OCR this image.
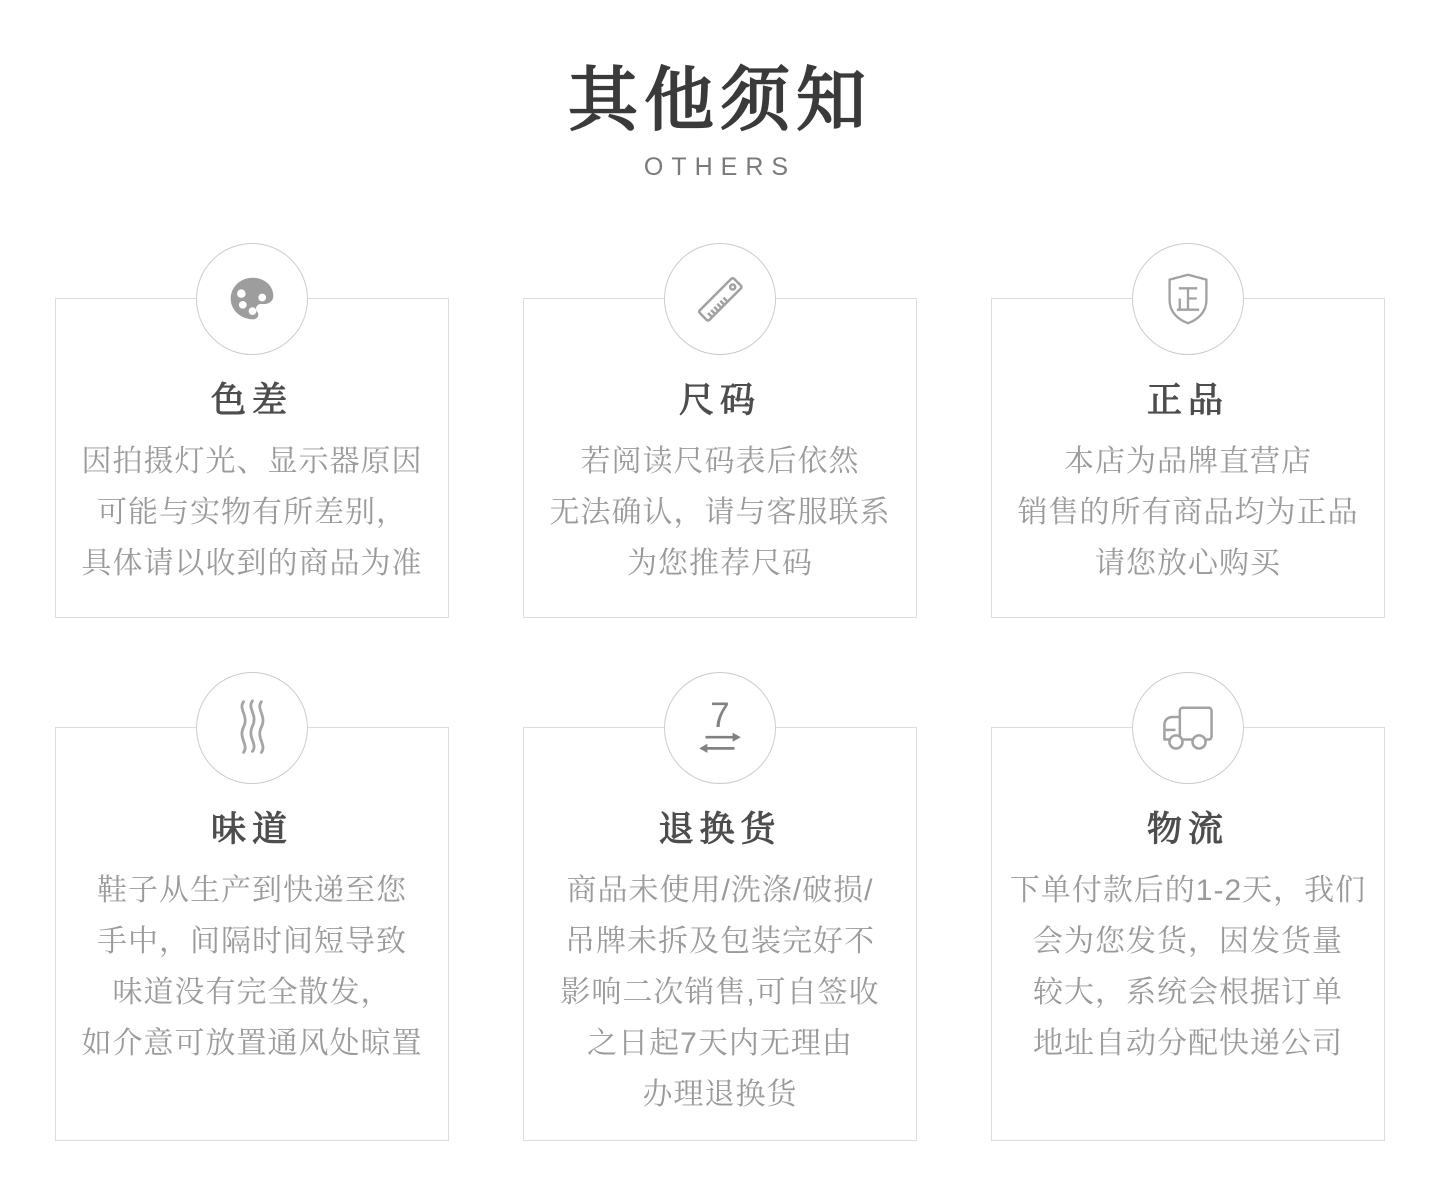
其他须知
OTHERS
色差

因拍摄灯光、显示器原因

可能与实物有所差别，

具体请以收到的商品为准

尺码

若阅读尺码表后依然

无法确认，请与客服联系

为您推荐尺码

正品

本店为品牌直营店

销售的所有商品均为正品

请您放心购买

味道

鞋子从生产到快递至您

手中，间隔时间短导致

味道没有完全散发，

如介意可放置通风处晾置

7
退换货

商品未使用/洗涤/破损/

吊牌未拆及包装完好不

影响二次销售,可自签收

之日起7天内无理由

办理退换货

物流

下单付款后的1-2天，我们

会为您发货，因发货量

较大，系统会根据订单

地址自动分配快递公司
